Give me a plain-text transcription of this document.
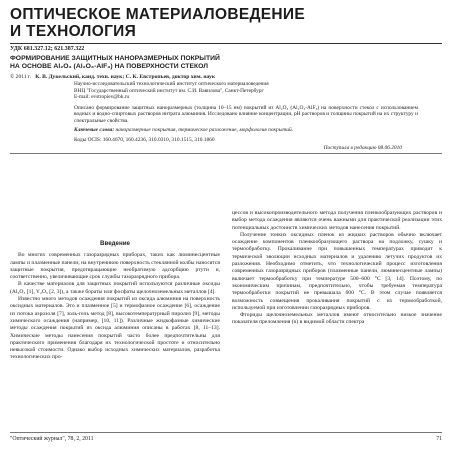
ОПТИЧЕСКОЕ МАТЕРИАЛОВЕДЕНИЕ
И ТЕХНОЛОГИЯ
УДК 681.327.12; 621.387.322
ФОРМИРОВАНИЕ ЗАЩИТНЫХ НАНОРАЗМЕРНЫХ ПОКРЫТИЙ
НА ОСНОВЕ Al₂O₃ (Al₂O₃-AlF₃) НА ПОВЕРХНОСТИ СТЕКОЛ
© 2011 г. К. В. Дукельский, канд. техн. наук; С. К. Евстропьев, доктор хим. наук
Научно-исследовательский технологический институт оптического материаловедения
ВНЦ "Государственный оптический институт им. С.И. Вавилова", Санкт-Петербург
E-mail: evstropiev@bk.ru
Описано формирование защитных наноразмерных (толщина 10–15 нм) покрытий из Al₂O₃ (Al₂O₃-AlF₃) на поверхности стекол с использованием водных и водно-спиртовых растворов нитрата алюминия. Исследовано влияние концентрации, pH растворов и толщины покрытий на их структуру и спектральные свойства.
Ключевые слова: наноразмерные покрытия, термическое разложение, морфология покрытий.
Коды OCIS: 160.4670, 160.4236, 310.0310, 310.1515, 310.1860
Поступила в редакцию 08.06.2010
Введение

Во многих современных газоразрядных приборах, таких как люминесцентные лампы и плазменные панели, на внутреннюю поверхность стеклянной колбы наносятся защитные покрытия, предотвращающие необратимую адсорбцию ртути и, соответственно, увеличивающие срок службы газоразрядного прибора.

В качестве материалов для защитных покрытий используются различные оксиды (Al₂O₃ [1], Y₂O₃ [2, 3]), а также бораты или фосфаты щелочноземельных металлов [4].

Известно много методов осаждения покрытий из оксида алюминия на поверхность оксидных материалов. Это и плазменное [5] и термофазное осаждение [6], осаждение из потока аэрозоля [7], золь-гель метод [8], высокотемпературный пиролиз [9], методы химического осаждения (например, [10, 11]). Различные жидкофазные химические методы осаждения покрытий из оксида алюминия описаны в работах [8, 11–13]. Химические методы нанесения покрытий часто более предпочтительны для практического применения благодаря их технологической простоте и относительно невысокой стоимости. Однако выбор исходных химических материалов, разработка технологических про-

цессов и высокопроизводительного метода получения пленкообразующих растворов и выбор метода осаждения являются очень важными для практической реализации этих потенциальных достоинств химических методов нанесения покрытий.

Получение тонких оксидных пленок из жидких растворов обычно включает осаждение компонентов пленкообразующего раствора на подложку, сушку и термообработку. Прокаливание при повышенных температурах приводит к термической эволюции исходных материалов и удалению летучих продуктов их разложения. Необходимо отметить, что технологический процесс изготовления современных газоразрядных приборов (плазменные панели, люминесцентные лампы) включает термообработку при температуре 500–600 °С [3, 14]. Поэтому, по экономическим причинам, предпочтительно, чтобы требуемая температура термообработки покрытий не превышала 600 °С. В этом случае появляется возможность совмещения прокаливания покрытий с их термообработкой, используемой при изготовлении газоразрядных приборов.

Фториды щелочноземельных металлов имеют относительно низкое значение показателя преломления (n) в видимой области спектра

"Оптический журнал", 78, 2, 2011	71
